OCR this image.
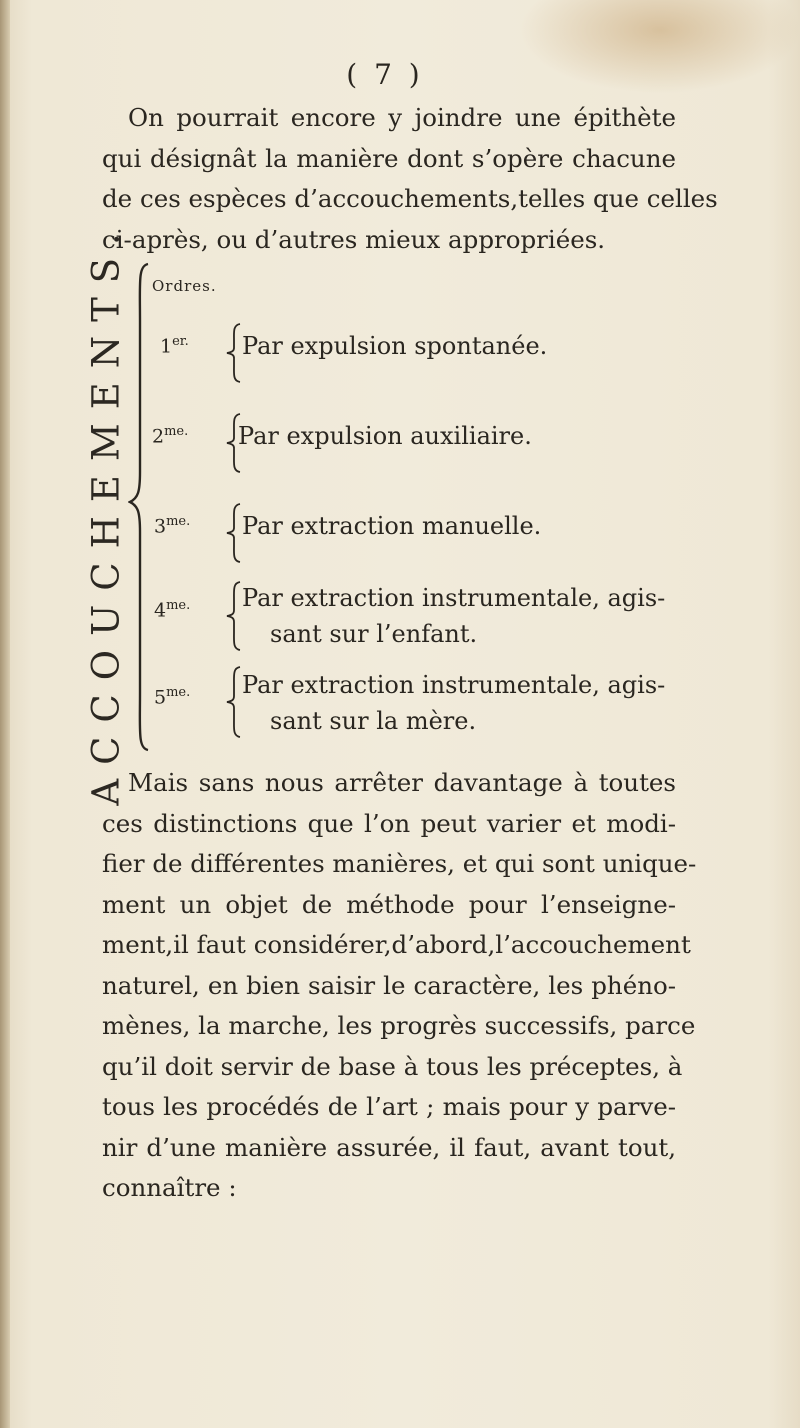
( 7 )

On pourrait encore y joindre une épithète
qui désignât la manière dont s’opère chacune
de ces espèces d’accouchements,telles que celles
ci-après, ou d’autres mieux appropriées.

ACCOUCHEMENTS. Ordres.
$1^{er.}$ Par expulsion spontanée.
$2^{me.}$ Par expulsion auxiliaire.
$3^{me.}$ Par extraction manuelle.
$4^{me.}$ Par extraction instrumentale, agis-
sant sur l’enfant.
$5^{me.}$ Par extraction instrumentale, agis-
sant sur la mère.

Mais sans nous arrêter davantage à toutes
ces distinctions que l’on peut varier et modi-
fier de différentes manières, et qui sont unique-
ment un objet de méthode pour l’enseigne-
ment,il faut considérer,d’abord,l’accouchement
naturel, en bien saisir le caractère, les phéno-
mènes, la marche, les progrès successifs, parce
qu’il doit servir de base à tous les préceptes, à
tous les procédés de l’art ; mais pour y parve-
nir d’une manière assurée, il faut, avant tout,
connaître :
